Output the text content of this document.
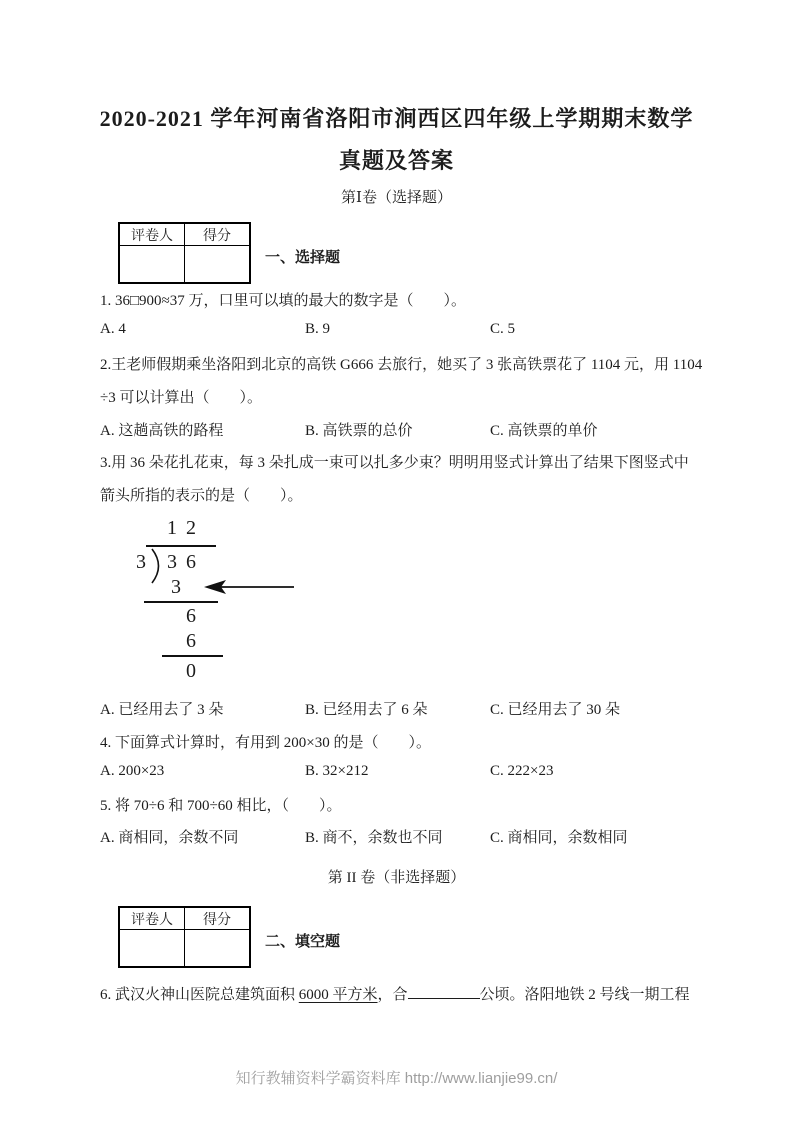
2020-2021 学年河南省洛阳市涧西区四年级上学期期末数学
真题及答案
第Ⅰ卷（选择题）
评卷人	得分

一、选择题
1. 36□900≈37 万，口里可以填的最大的数字是（　　）。
A. 4	B. 9	C. 5
2.王老师假期乘坐洛阳到北京的高铁 G666 去旅行，她买了 3 张高铁票花了 1104 元，用 1104
÷3 可以计算出（　　）。
A. 这趟高铁的路程	B. 高铁票的总价	C. 高铁票的单价
3.用 36 朵花扎花束，每 3 朵扎成一束可以扎多少束？明明用竖式计算出了结果下图竖式中
箭头所指的表示的是（　　）。
1 2
3 3 6
3
6
6
0
A. 已经用去了 3 朵	B. 已经用去了 6 朵	C. 已经用去了 30 朵
4. 下面算式计算时，有用到 200×30 的是（　　）。
A. 200×23	B. 32×212	C. 222×23
5. 将 70÷6 和 700÷60 相比，（　　）。
A. 商相同，余数不同	B. 商不，余数也不同	C. 商相同，余数相同
第 II 卷（非选择题）
评卷人	得分

二、填空题
6. 武汉火神山医院总建筑面积 6000 平方米，合	公顷。洛阳地铁 2 号线一期工程
知行教辅资料学霸资料库 http://www.lianjie99.cn/
